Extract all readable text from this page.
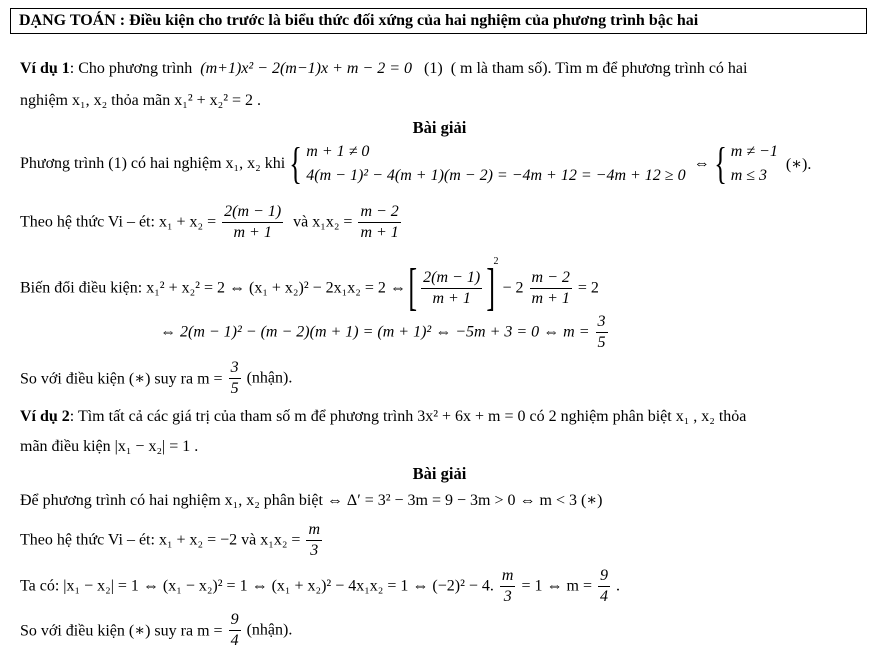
DẠNG TOÁN : Điều kiện cho trước là biểu thức đối xứng của hai nghiệm của phương trình bậc hai
Ví dụ 1: Cho phương trình (m+1)x² − 2(m−1)x + m − 2 = 0 (1) ( m là tham số). Tìm m để phương trình có hai
nghiệm x₁, x₂ thỏa mãn x₁² + x₂² = 2 .
Bài giải
Phương trình (1) có hai nghiệm x₁, x₂ khi { m + 1 ≠ 0
4(m − 1)² − 4(m + 1)(m − 2) = −4m + 12 = −4m + 12 ≥ 0
⇔ { m ≠ −1
m ≤ 3
(∗).
Theo hệ thức Vi – ét: $x_1 + x_2 = \frac{2(m - 1)}{m + 1}$ và $x_1x_2 = \frac{m - 2}{m + 1}$
Biến đổi điều kiện: x₁² + x₂² = 2 ⇔ (x₁ + x₂)² − 2x₁x₂ = 2 ⇔ [ $\frac{2(m - 1)}{m + 1} ]^2 - 2 \frac{m - 2}{m + 1} = 2$
⇔ 2(m − 1)² − (m − 2)(m + 1) = (m + 1)² ⇔ −5m + 3 = 0 ⇔ $m = \frac{3}{5}$
So với điều kiện (∗) suy ra $m = \frac{3}{5}$ (nhận).
Ví dụ 2: Tìm tất cả các giá trị của tham số m để phương trình 3x² + 6x + m = 0 có 2 nghiệm phân biệt x₁ , x₂ thỏa
mãn điều kiện |x₁ − x₂| = 1 .
Bài giải
Để phương trình có hai nghiệm x₁, x₂ phân biệt ⇔ Δ′ = 3² − 3m = 9 − 3m > 0 ⇔ m < 3 (∗)
Theo hệ thức Vi – ét: x₁ + x₂ = −2 và $x_1x_2 = \frac{m}{3}$
Ta có: |x₁ − x₂| = 1 ⇔ (x₁ − x₂)² = 1 ⇔ (x₁ + x₂)² − 4x₁x₂ = 1 ⇔ (−2)² − 4. $\frac{m}{3} = 1$ ⇔ $m = \frac{9}{4}$ .
So với điều kiện (∗) suy ra $m = \frac{9}{4}$ (nhận).
